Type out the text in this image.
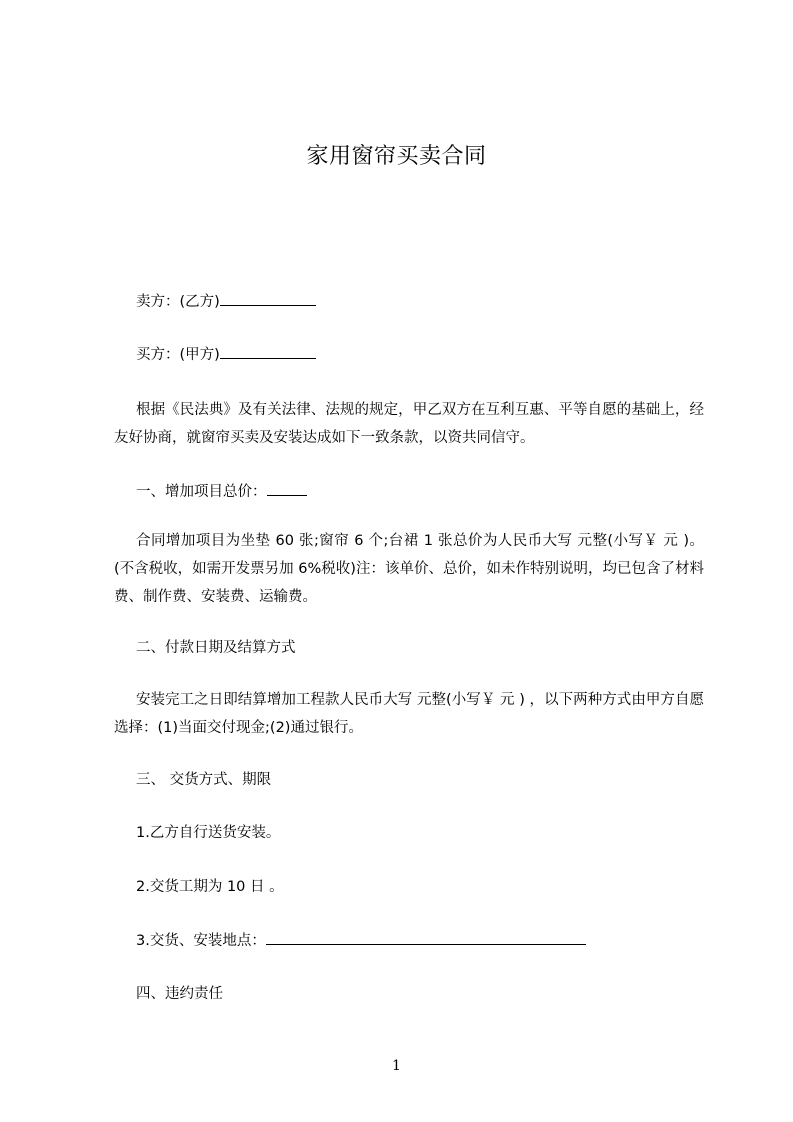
家用窗帘买卖合同
卖方：(乙方)
买方：(甲方)
根据《民法典》及有关法律、法规的规定，甲乙双方在互利互惠、平等自愿的基础上，经友好协商，就窗帘买卖及安装达成如下一致条款，以资共同信守。
一、增加项目总价：
合同增加项目为坐垫 60 张;窗帘 6 个;台裙 1 张总价为人民币大写 元整(小写￥ 元 )。(不含税收，如需开发票另加 6%税收)注：该单价、总价，如未作特别说明，均已包含了材料费、制作费、安装费、运输费。
二、付款日期及结算方式
安装完工之日即结算增加工程款人民币大写 元整(小写￥ 元 ) ，以下两种方式由甲方自愿选择：(1)当面交付现金;(2)通过银行。
三、 交货方式、期限
1.乙方自行送货安装。
2.交货工期为 10 日 。
3.交货、安装地点：
四、违约责任
1
